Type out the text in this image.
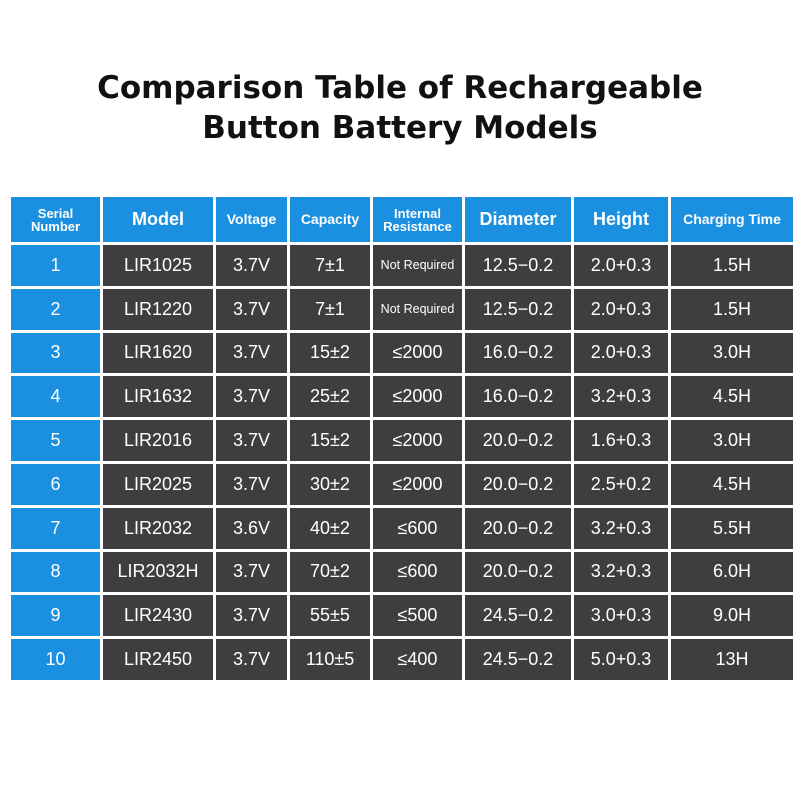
Comparison Table of Rechargeable
Button Battery Models
Serial Number	Model	Voltage	Capacity	Internal Resistance	Diameter	Height	Charging Time
1	LIR1025	3.7V	7±1	Not Required	12.5−0.2	2.0+0.3	1.5H
2	LIR1220	3.7V	7±1	Not Required	12.5−0.2	2.0+0.3	1.5H
3	LIR1620	3.7V	15±2	≤2000	16.0−0.2	2.0+0.3	3.0H
4	LIR1632	3.7V	25±2	≤2000	16.0−0.2	3.2+0.3	4.5H
5	LIR2016	3.7V	15±2	≤2000	20.0−0.2	1.6+0.3	3.0H
6	LIR2025	3.7V	30±2	≤2000	20.0−0.2	2.5+0.2	4.5H
7	LIR2032	3.6V	40±2	≤600	20.0−0.2	3.2+0.3	5.5H
8	LIR2032H	3.7V	70±2	≤600	20.0−0.2	3.2+0.3	6.0H
9	LIR2430	3.7V	55±5	≤500	24.5−0.2	3.0+0.3	9.0H
10	LIR2450	3.7V	110±5	≤400	24.5−0.2	5.0+0.3	13H
